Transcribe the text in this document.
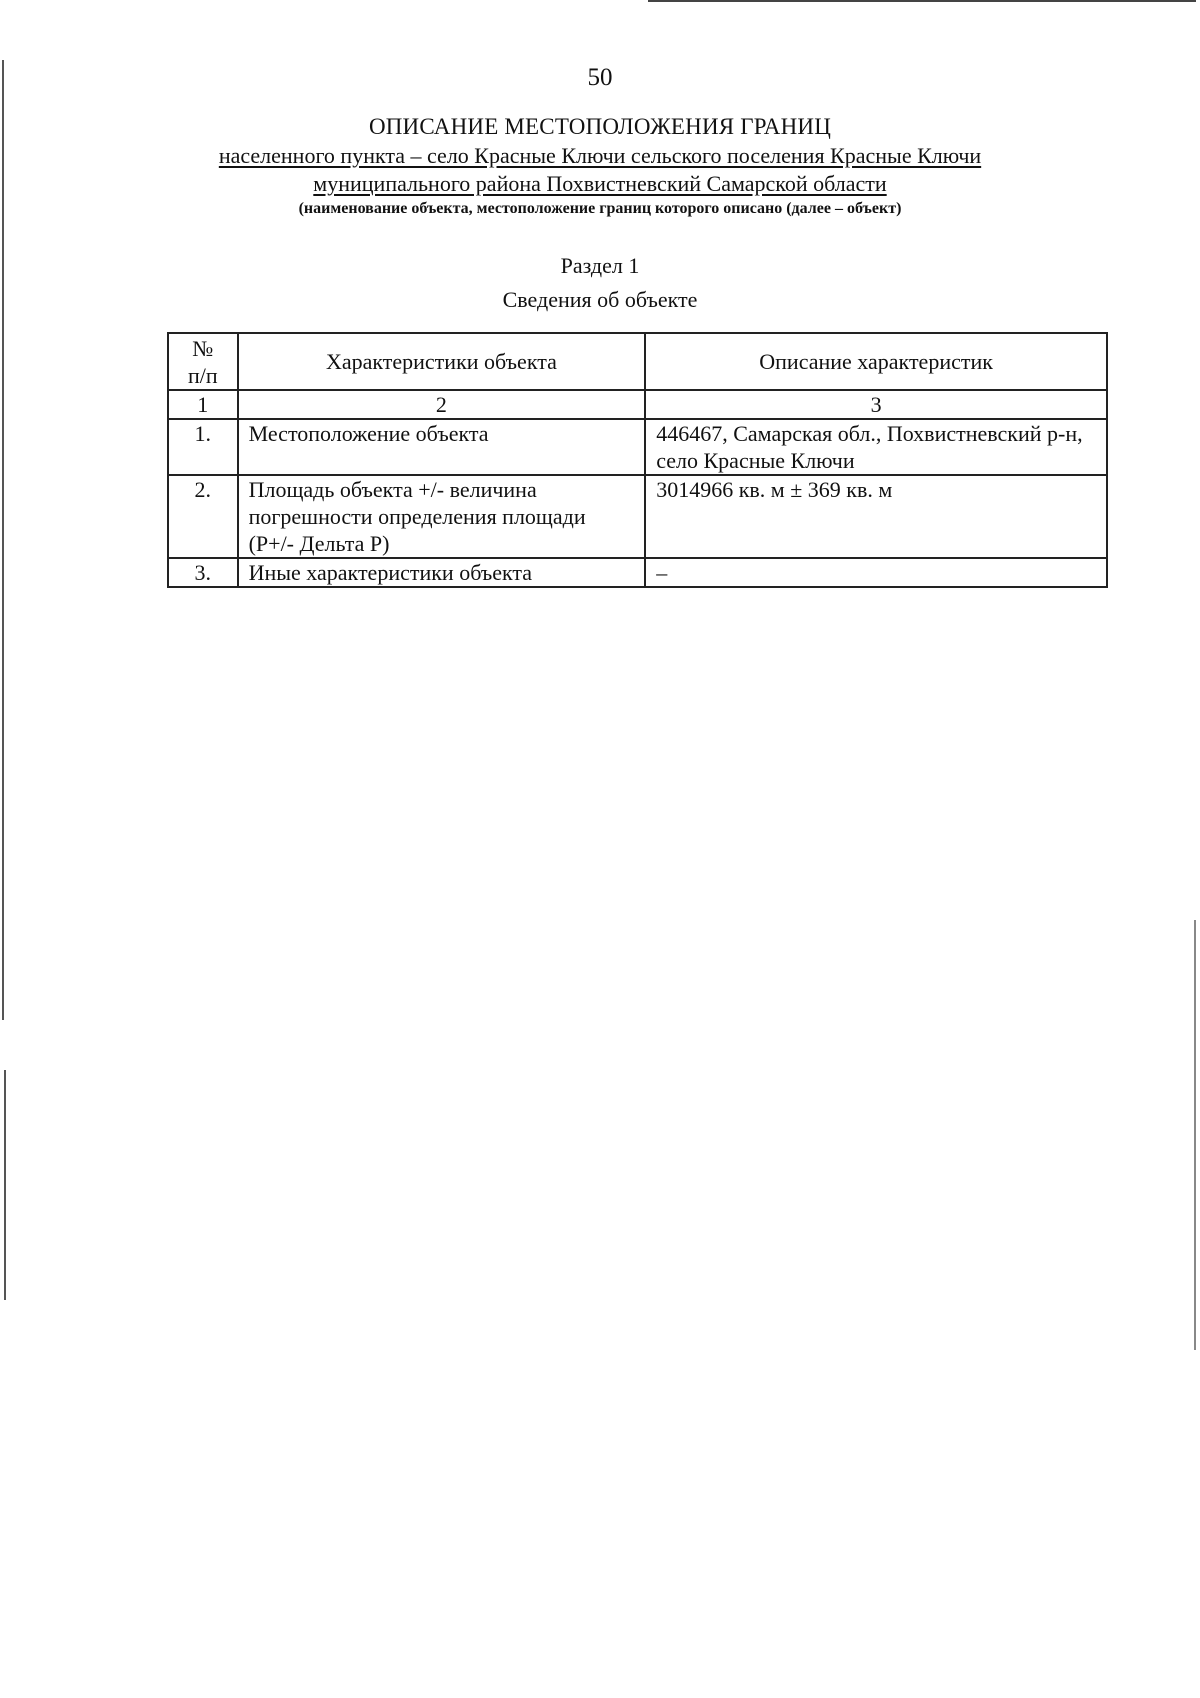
50
ОПИСАНИЕ МЕСТОПОЛОЖЕНИЯ ГРАНИЦ
населенного пункта – село Красные Ключи сельского поселения Красные Ключи
муниципального района Похвистневский Самарской области
(наименование объекта, местоположение границ которого описано (далее – объект)
Раздел 1
Сведения об объекте
№
п/п	Характеристики объекта	Описание характеристик
1	2	3
1.	Местоположение объекта	446467, Самарская обл., Похвистневский р-н, село Красные Ключи
2.	Площадь объекта +/- величина погрешности определения площади (Р+/- Дельта Р)	3014966 кв. м ± 369 кв. м
3.	Иные характеристики объекта	–
